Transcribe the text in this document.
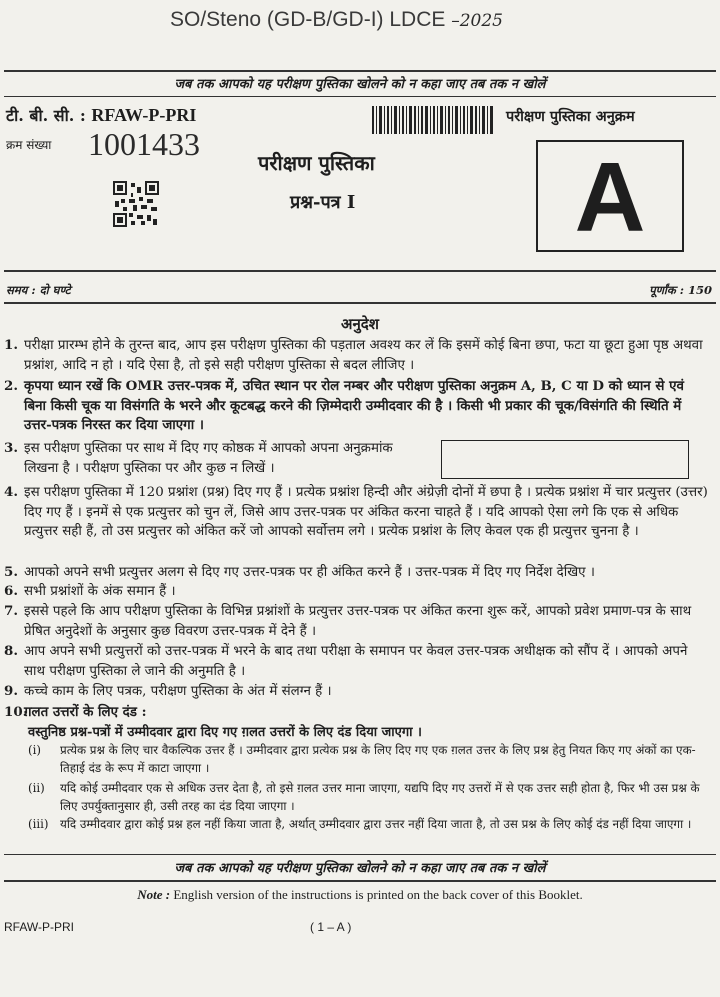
SO/Steno (GD-B/GD-I) LDCE –2025
जब तक आपको यह परीक्षण पुस्तिका खोलने को न कहा जाए तब तक न खोलें
टी. बी. सी. : RFAW-P-PRI	परीक्षण पुस्तिका अनुक्रम
क्रम संख्या 1001433
परीक्षण पुस्तिका
प्रश्न-पत्र I	A
समय : दो घण्टे	पूर्णांक : 150
अनुदेश
1. परीक्षा प्रारम्भ होने के तुरन्त बाद, आप इस परीक्षण पुस्तिका की पड़ताल अवश्य कर लें कि इसमें कोई बिना छपा, फटा या छूटा हुआ पृष्ठ अथवा प्रश्नांश, आदि न हो । यदि ऐसा है, तो इसे सही परीक्षण पुस्तिका से बदल लीजिए ।
2. कृपया ध्यान रखें कि OMR उत्तर-पत्रक में, उचित स्थान पर रोल नम्बर और परीक्षण पुस्तिका अनुक्रम A, B, C या D को ध्यान से एवं बिना किसी चूक या विसंगति के भरने और कूटबद्ध करने की ज़िम्मेदारी उम्मीदवार की है । किसी भी प्रकार की चूक/विसंगति की स्थिति में उत्तर-पत्रक निरस्त कर दिया जाएगा ।
3. इस परीक्षण पुस्तिका पर साथ में दिए गए कोष्ठक में आपको अपना अनुक्रमांक लिखना है । परीक्षण पुस्तिका पर और कुछ न लिखें ।
4. इस परीक्षण पुस्तिका में 120 प्रश्नांश (प्रश्न) दिए गए हैं । प्रत्येक प्रश्नांश हिन्दी और अंग्रेज़ी दोनों में छपा है । प्रत्येक प्रश्नांश में चार प्रत्युत्तर (उत्तर) दिए गए हैं । इनमें से एक प्रत्युत्तर को चुन लें, जिसे आप उत्तर-पत्रक पर अंकित करना चाहते हैं । यदि आपको ऐसा लगे कि एक से अधिक प्रत्युत्तर सही हैं, तो उस प्रत्युत्तर को अंकित करें जो आपको सर्वोत्तम लगे । प्रत्येक प्रश्नांश के लिए केवल एक ही प्रत्युत्तर चुनना है ।
5. आपको अपने सभी प्रत्युत्तर अलग से दिए गए उत्तर-पत्रक पर ही अंकित करने हैं । उत्तर-पत्रक में दिए गए निर्देश देखिए ।
6. सभी प्रश्नांशों के अंक समान हैं ।
7. इससे पहले कि आप परीक्षण पुस्तिका के विभिन्न प्रश्नांशों के प्रत्युत्तर उत्तर-पत्रक पर अंकित करना शुरू करें, आपको प्रवेश प्रमाण-पत्र के साथ प्रेषित अनुदेशों के अनुसार कुछ विवरण उत्तर-पत्रक में देने हैं ।
8. आप अपने सभी प्रत्युत्तरों को उत्तर-पत्रक में भरने के बाद तथा परीक्षा के समापन पर केवल उत्तर-पत्रक अधीक्षक को सौंप दें । आपको अपने साथ परीक्षण पुस्तिका ले जाने की अनुमति है ।
9. कच्चे काम के लिए पत्रक, परीक्षण पुस्तिका के अंत में संलग्न हैं ।
10.
ग़लत उत्तरों के लिए दंड :
वस्तुनिष्ठ प्रश्न-पत्रों में उम्मीदवार द्वारा दिए गए ग़लत उत्तरों के लिए दंड दिया जाएगा ।
(i) प्रत्येक प्रश्न के लिए चार वैकल्पिक उत्तर हैं । उम्मीदवार द्वारा प्रत्येक प्रश्न के लिए दिए गए एक ग़लत उत्तर के लिए प्रश्न हेतु नियत किए गए अंकों का एक-तिहाई दंड के रूप में काटा जाएगा ।
(ii) यदि कोई उम्मीदवार एक से अधिक उत्तर देता है, तो इसे ग़लत उत्तर माना जाएगा, यद्यपि दिए गए उत्तरों में से एक उत्तर सही होता है, फिर भी उस प्रश्न के लिए उपर्युक्तानुसार ही, उसी तरह का दंड दिया जाएगा ।
(iii) यदि उम्मीदवार द्वारा कोई प्रश्न हल नहीं किया जाता है, अर्थात् उम्मीदवार द्वारा उत्तर नहीं दिया जाता है, तो उस प्रश्न के लिए कोई दंड नहीं दिया जाएगा ।
जब तक आपको यह परीक्षण पुस्तिका खोलने को न कहा जाए तब तक न खोलें
Note : English version of the instructions is printed on the back cover of this Booklet.
RFAW-P-PRI	( 1 – A )
